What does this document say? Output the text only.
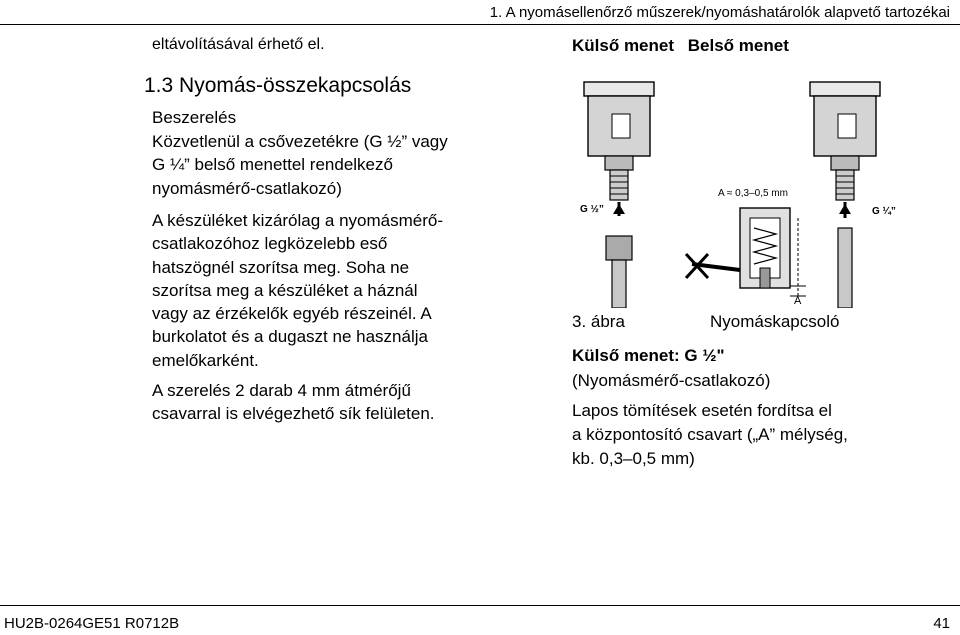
1. A nyomásellenőrző műszerek/nyomáshatárolók alapvető tartozékai
eltávolításával érhető el.
1.3 Nyomás-összekapcsolás
Beszerelés
Közvetlenül a csővezetékre (G ½” vagy
G ¼” belső menettel rendelkező
nyomásmérő-csatlakozó)
A készüléket kizárólag a nyomásmérő-
csatlakozóhoz legközelebb eső
hatszögnél szorítsa meg. Soha ne
szorítsa meg a készüléket a háznál
vagy az érzékelők egyéb részeinél. A
burkolatot és a dugaszt ne használja
emelőkarként.
A szerelés 2 darab 4 mm átmérőjű
csavarral is elvégezhető sík felületen.
Külső menet Belső menet
G ½”	G ¼”
A ≈ 0,3–0,5 mm
A
3. ábra	Nyomáskapcsoló
Külső menet: G ½"
(Nyomásmérő-csatlakozó)
Lapos tömítések esetén fordítsa el
a központosító csavart („A” mélység,
kb. 0,3–0,5 mm)
HU2B-0264GE51 R0712B	41
